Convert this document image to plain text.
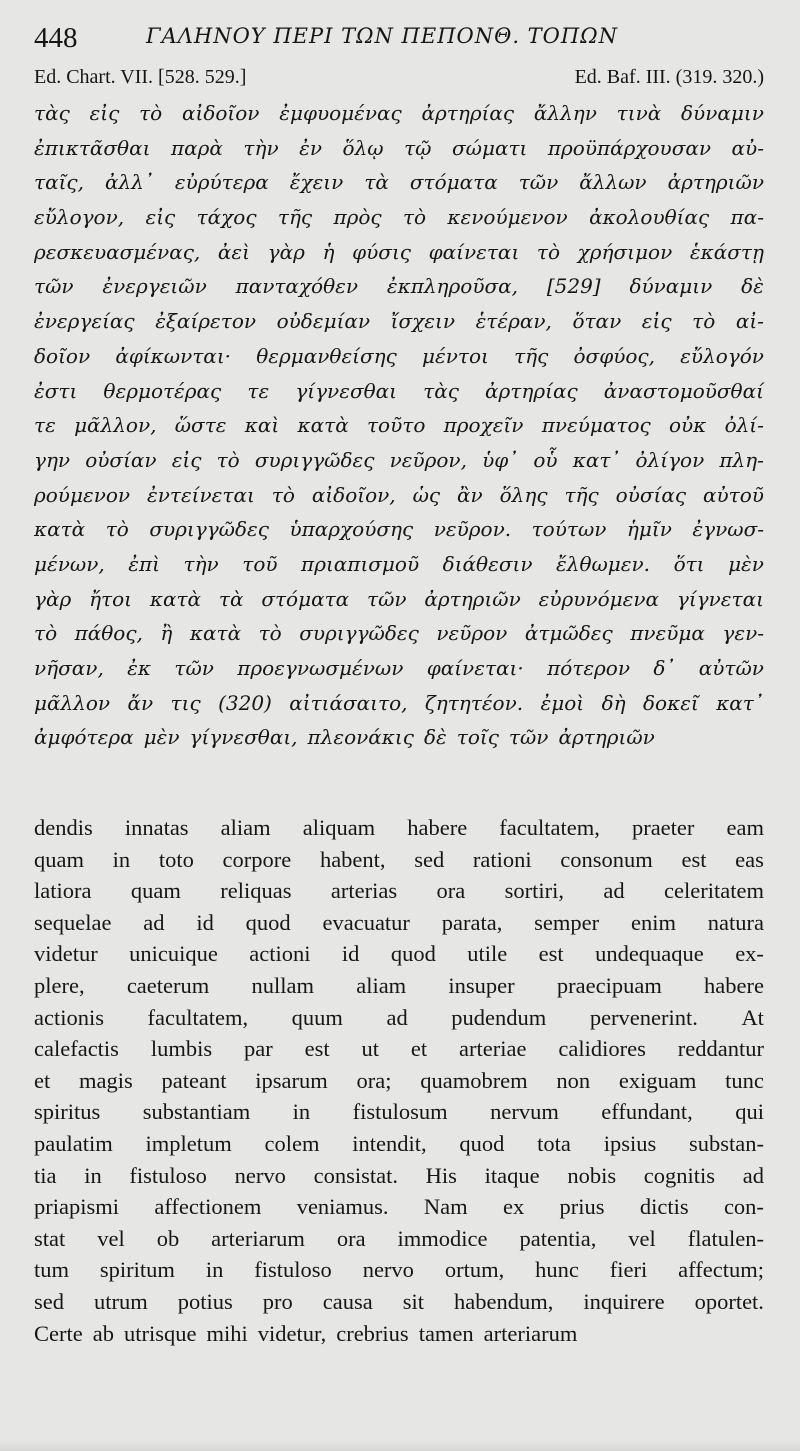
448	ΓΑΛΗΝΟΥ ΠΕΡΙ ΤΩΝ ΠΕΠΟΝΘ. ΤΟΠΩΝ
Ed. Chart. VII. [528. 529.]	Ed. Baf. III. (319. 320.)
τὰς εἰς τὸ αἰδοῖον ἐμφυομένας ἀρτηρίας ἄλλην τινὰ δύναμιν
ἐπικτᾶσθαι παρὰ τὴν ἐν ὅλῳ τῷ σώματι προϋπάρχουσαν αὐ-
ταῖς, ἀλλ᾽ εὐρύτερα ἔχειν τὰ στόματα τῶν ἄλλων ἀρτηριῶν
εὔλογον, εἰς τάχος τῆς πρὸς τὸ κενούμενον ἀκολουθίας πα-
ρεσκευασμένας, ἀεὶ γὰρ ἡ φύσις φαίνεται τὸ χρήσιμον ἑκάστῃ
τῶν ἐνεργειῶν πανταχόθεν ἐκπληροῦσα, [529] δύναμιν δὲ
ἐνεργείας ἐξαίρετον οὐδεμίαν ἴσχειν ἑτέραν, ὅταν εἰς τὸ αἰ-
δοῖον ἀφίκωνται· θερμανθείσης μέντοι τῆς ὀσφύος, εὔλογόν
ἐστι θερμοτέρας τε γίγνεσθαι τὰς ἀρτηρίας ἀναστομοῦσθαί
τε μᾶλλον, ὥστε καὶ κατὰ τοῦτο προχεῖν πνεύματος οὐκ ὀλί-
γην οὐσίαν εἰς τὸ συριγγῶδες νεῦρον, ὑφ᾽ οὗ κατ᾽ ὀλίγον πλη-
ρούμενον ἐντείνεται τὸ αἰδοῖον, ὡς ἂν ὅλης τῆς οὐσίας αὐτοῦ
κατὰ τὸ συριγγῶδες ὑπαρχούσης νεῦρον. τούτων ἡμῖν ἐγνωσ-
μένων, ἐπὶ τὴν τοῦ πριαπισμοῦ διάθεσιν ἔλθωμεν. ὅτι μὲν
γὰρ ἤτοι κατὰ τὰ στόματα τῶν ἀρτηριῶν εὐρυνόμενα γίγνεται
τὸ πάθος, ἢ κατὰ τὸ συριγγῶδες νεῦρον ἀτμῶδες πνεῦμα γεν-
νῆσαν, ἐκ τῶν προεγνωσμένων φαίνεται· πότερον δ᾽ αὐτῶν
μᾶλλον ἄν τις (320) αἰτιάσαιτο, ζητητέον. ἐμοὶ δὴ δοκεῖ κατ᾽
ἀμφότερα μὲν γίγνεσθαι, πλεονάκις δὲ τοῖς τῶν ἀρτηριῶν
dendis innatas aliam aliquam habere facultatem, praeter eam
quam in toto corpore habent, sed rationi consonum est eas
latiora quam reliquas arterias ora sortiri, ad celeritatem
sequelae ad id quod evacuatur parata, semper enim natura
videtur unicuique actioni id quod utile est undequaque ex-
plere, caeterum nullam aliam insuper praecipuam habere
actionis facultatem, quum ad pudendum pervenerint. At
calefactis lumbis par est ut et arteriae calidiores reddantur
et magis pateant ipsarum ora; quamobrem non exiguam tunc
spiritus substantiam in fistulosum nervum effundant, qui
paulatim impletum colem intendit, quod tota ipsius substan-
tia in fistuloso nervo consistat. His itaque nobis cognitis ad
priapismi affectionem veniamus. Nam ex prius dictis con-
stat vel ob arteriarum ora immodice patentia, vel flatulen-
tum spiritum in fistuloso nervo ortum, hunc fieri affectum;
sed utrum potius pro causa sit habendum, inquirere oportet.
Certe ab utrisque mihi videtur, crebrius tamen arteriarum
